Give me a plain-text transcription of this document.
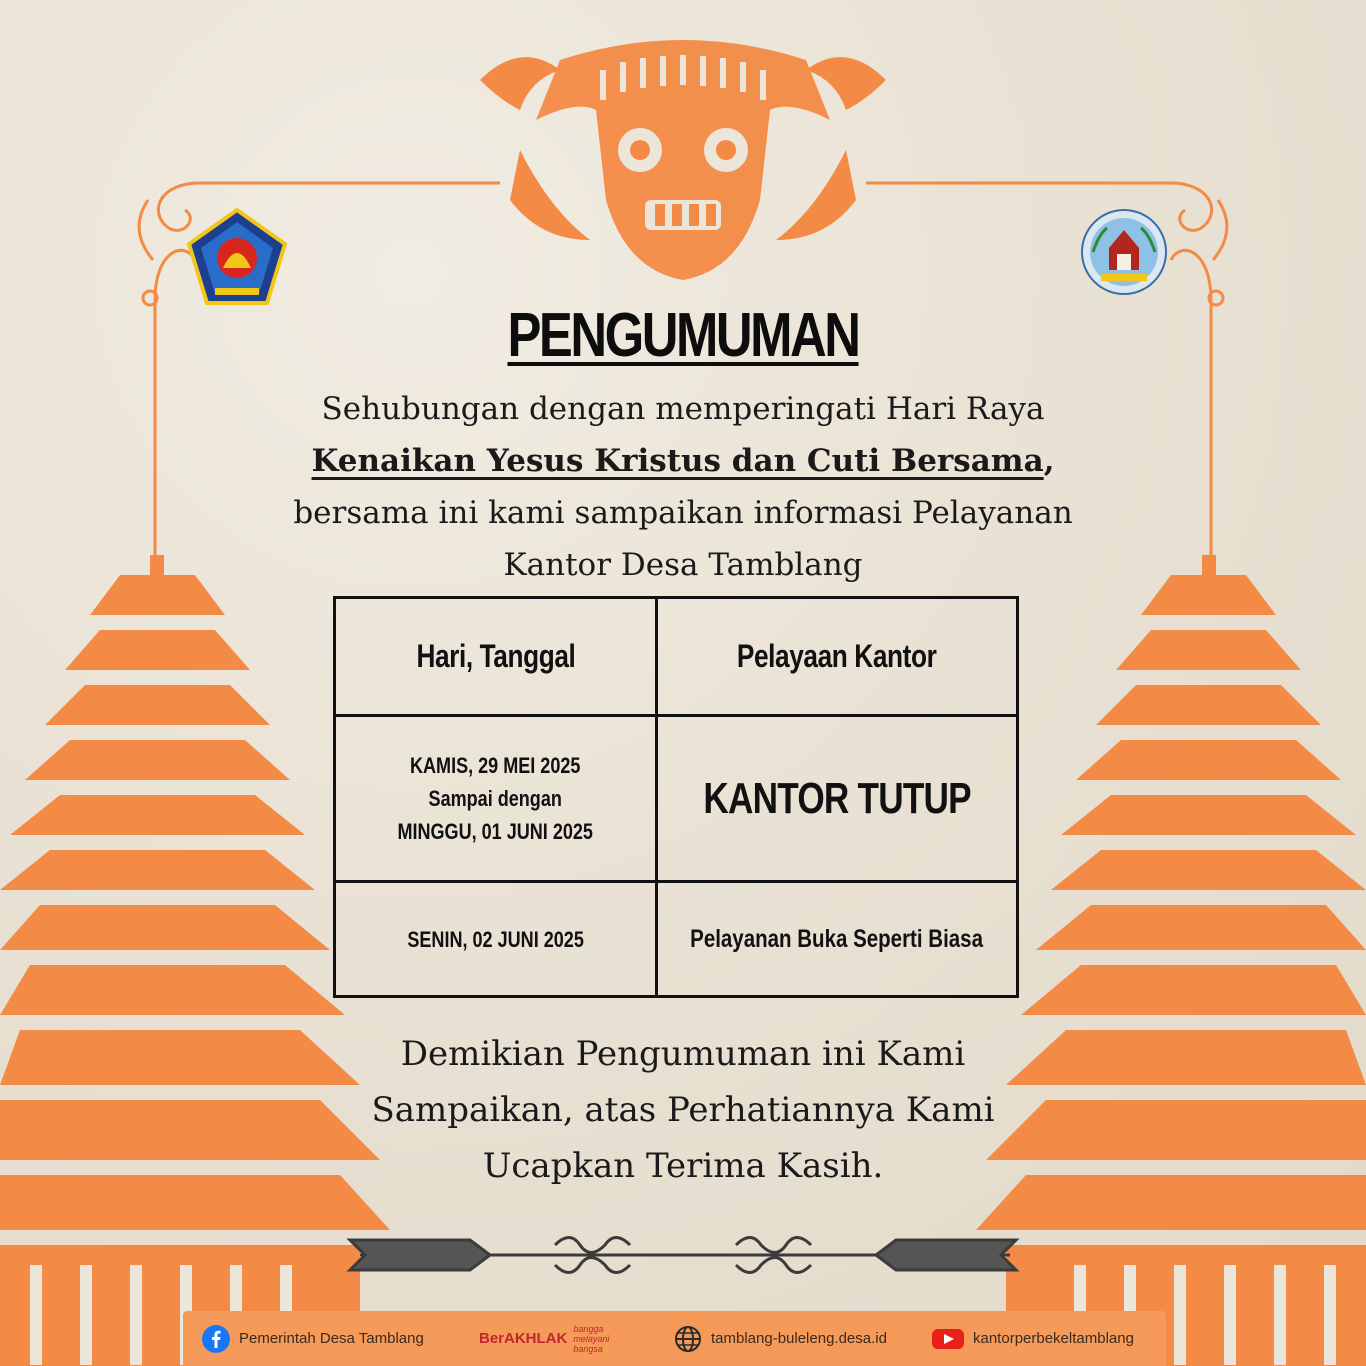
PENGUMUMAN
Sehubungan dengan memperingati Hari Raya
Kenaikan Yesus Kristus dan Cuti Bersama,
bersama ini kami sampaikan informasi Pelayanan
Kantor Desa Tamblang
Hari, Tanggal	Pelayaan Kantor
KAMIS, 29 MEI 2025
Sampai dengan
MINGGU, 01 JUNI 2025	KANTOR TUTUP
SENIN, 02 JUNI 2025	Pelayanan Buka Seperti Biasa
Demikian Pengumuman ini Kami
Sampaikan, atas Perhatiannya Kami
Ucapkan Terima Kasih.
Pemerintah Desa Tamblang	BerAKHLAK
bangga melayani bangsa
tamblang-buleleng.desa.id	kantorperbekeltamblang
